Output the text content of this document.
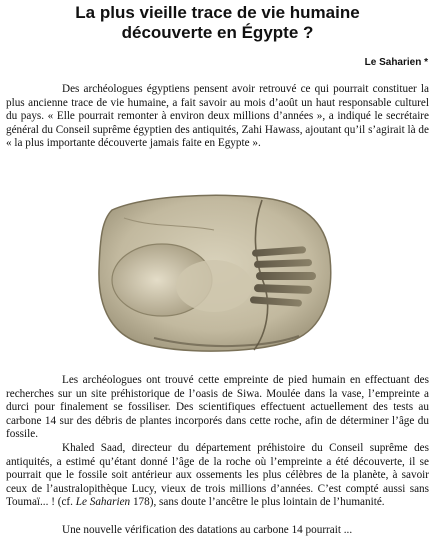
La plus vieille trace de vie humaine
découverte en Égypte ?
Le Saharien *

Des archéologues égyptiens pensent avoir retrouvé ce qui pourrait constituer la plus ancienne trace de vie humaine, a fait savoir au mois d’août un haut responsable culturel du pays. « Elle pourrait remonter à environ deux millions d’années », a indiqué le secrétaire général du Conseil suprême égyptien des antiquités, Zahi Hawass, ajoutant qu’il s’agirait là de « la plus importante découverte jamais faite en Egypte ».

Les archéologues ont trouvé cette empreinte de pied humain en effectuant des recherches sur un site préhistorique de l’oasis de Siwa. Moulée dans la vase, l’empreinte a durci pour finalement se fossiliser. Des scientifiques effectuent actuellement des tests au carbone 14 sur des débris de plantes incorporés dans cette roche, afin de déterminer l’âge du fossile.

Khaled Saad, directeur du département préhistoire du Conseil suprême des antiquités, a estimé qu’étant donné l’âge de la roche où l’empreinte a été découverte, il se pourrait que le fossile soit antérieur aux ossements les plus célèbres de la planète, à savoir ceux de l’australopithèque Lucy, vieux de trois millions d’années. C’est compté aussi sans Toumaï... ! (cf. Le Saharien 178), sans doute l’ancêtre le plus lointain de l’humanité.

Une nouvelle vérification des datations au carbone 14 pourrait ...
